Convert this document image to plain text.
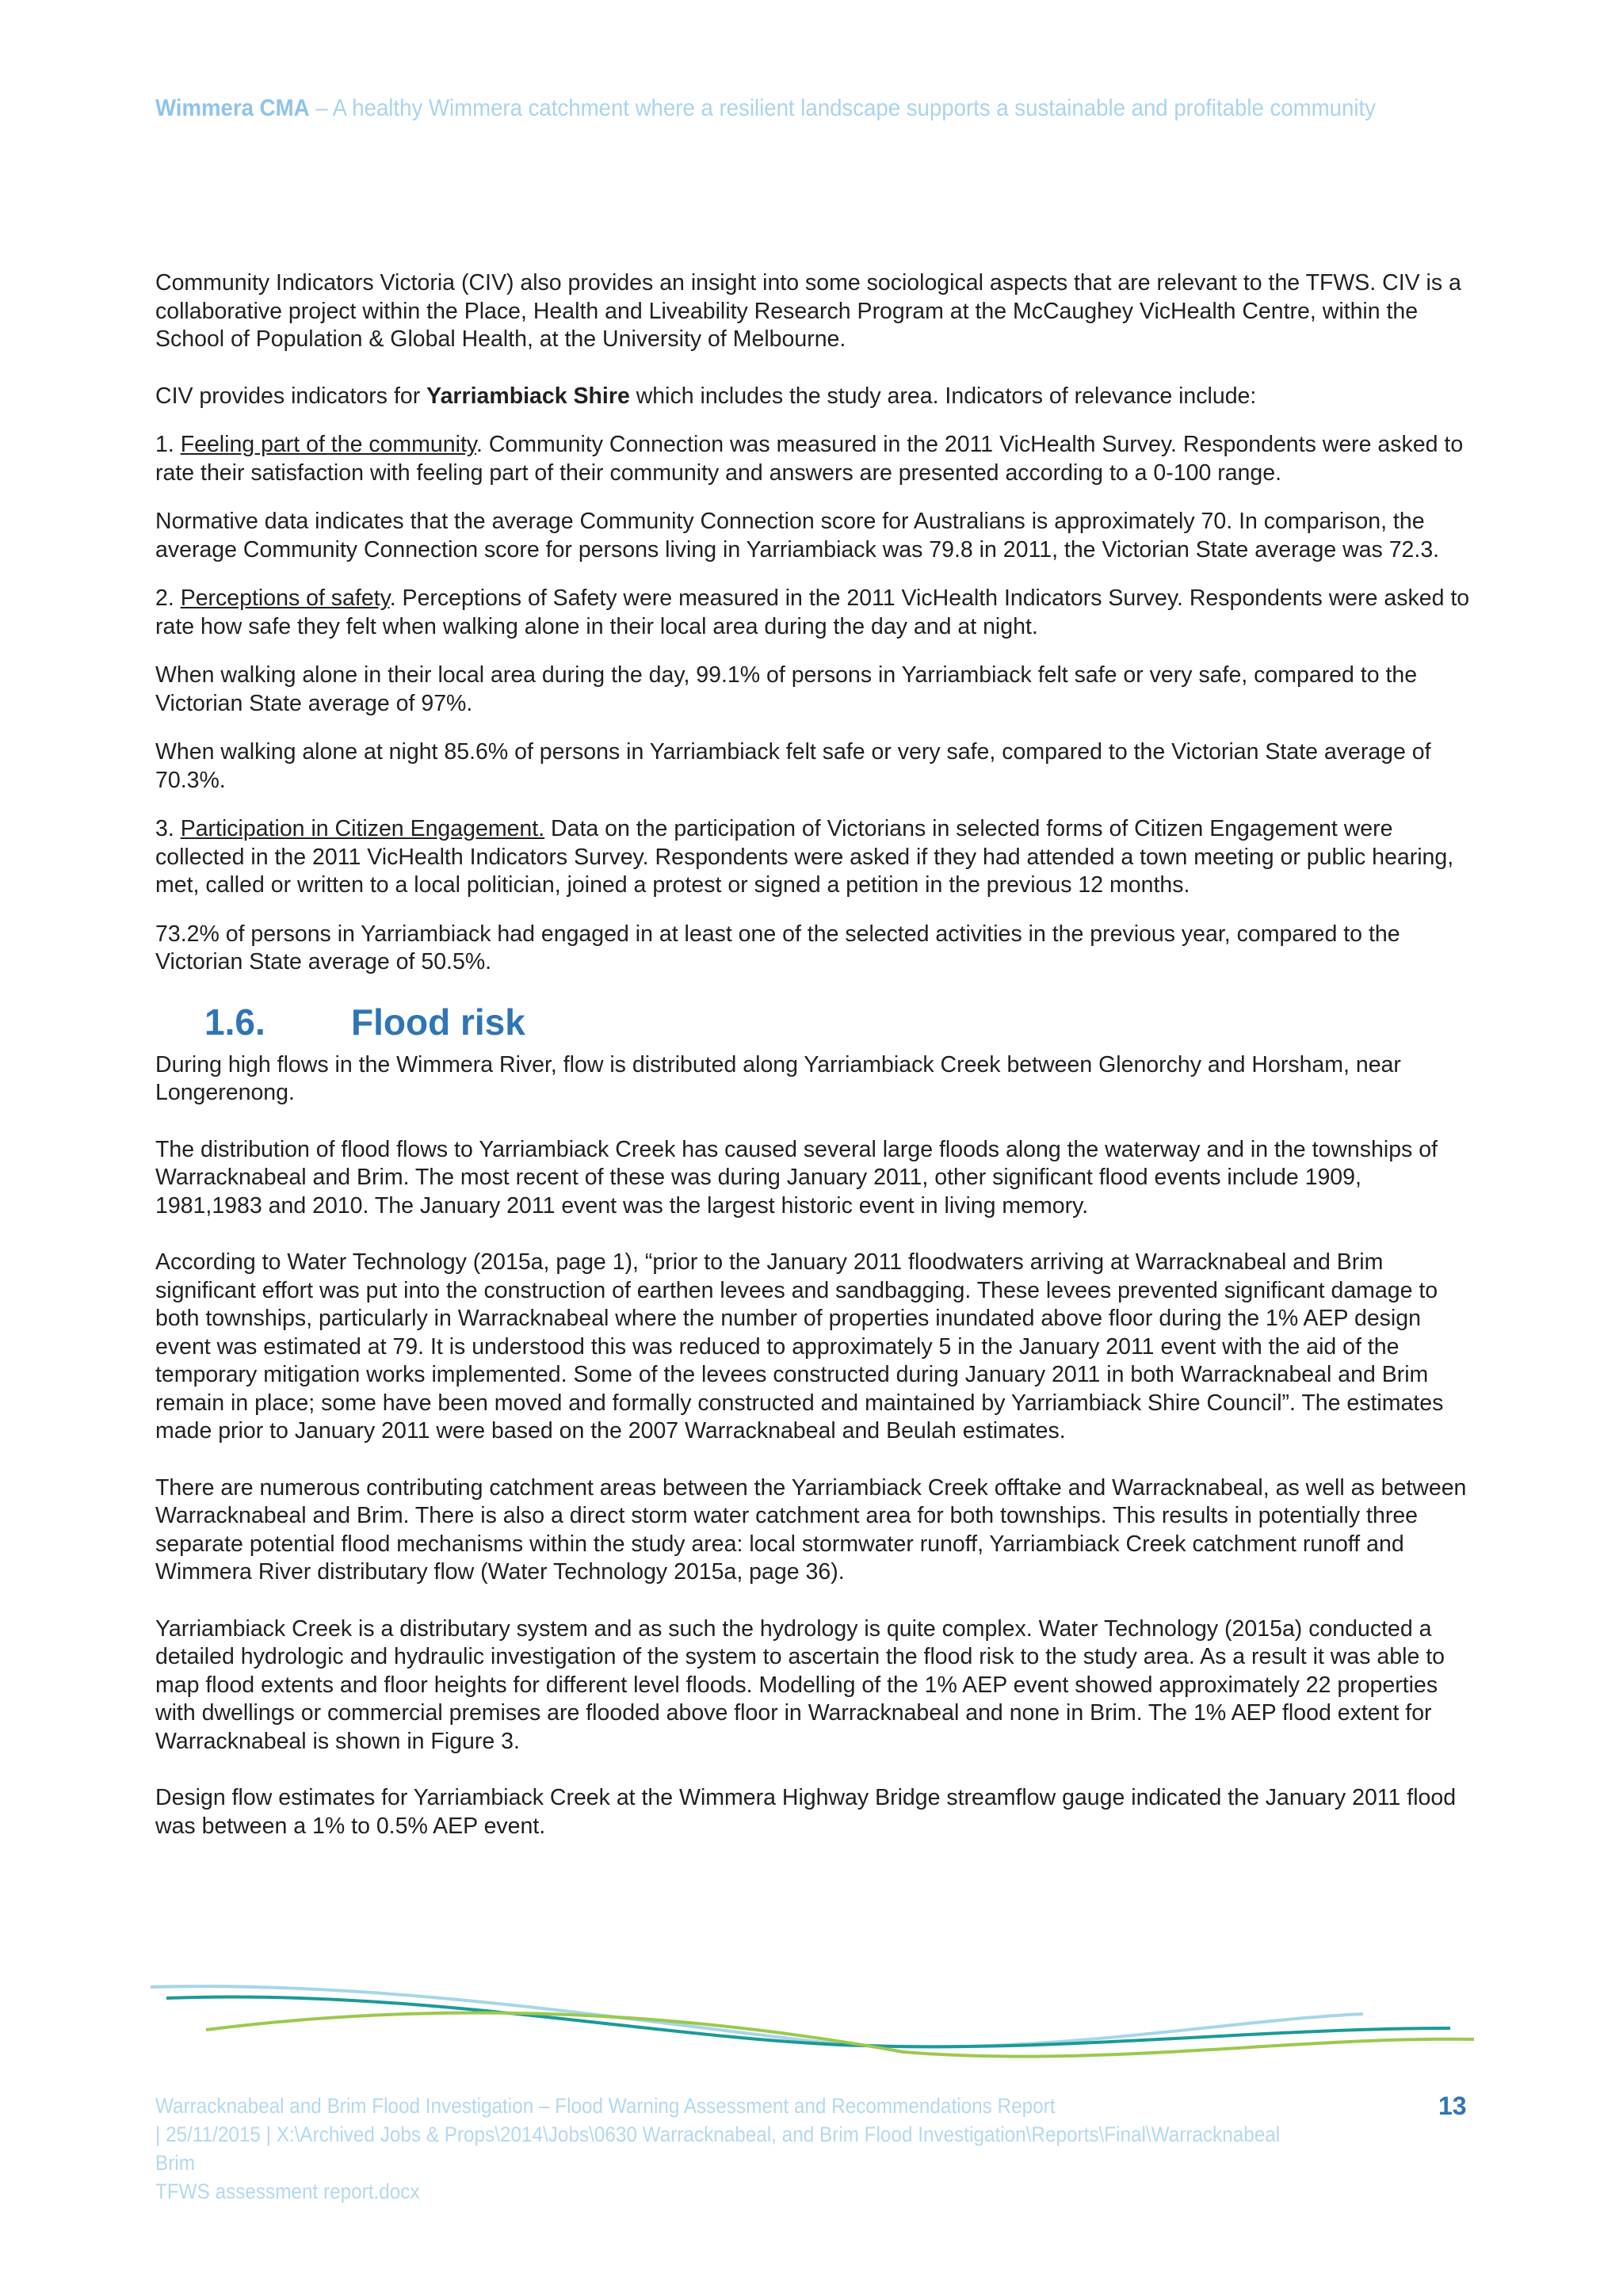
Wimmera CMA – A healthy Wimmera catchment where a resilient landscape supports a sustainable and profitable community

Community Indicators Victoria (CIV) also provides an insight into some sociological aspects that are relevant to the TFWS. CIV is a collaborative project within the Place, Health and Liveability Research Program at the McCaughey VicHealth Centre, within the School of Population & Global Health, at the University of Melbourne.

CIV provides indicators for Yarriambiack Shire which includes the study area. Indicators of relevance include:

1. Feeling part of the community. Community Connection was measured in the 2011 VicHealth Survey. Respondents were asked to rate their satisfaction with feeling part of their community and answers are presented according to a 0-100 range.

Normative data indicates that the average Community Connection score for Australians is approximately 70. In comparison, the average Community Connection score for persons living in Yarriambiack was 79.8 in 2011, the Victorian State average was 72.3.

2. Perceptions of safety. Perceptions of Safety were measured in the 2011 VicHealth Indicators Survey. Respondents were asked to rate how safe they felt when walking alone in their local area during the day and at night.

When walking alone in their local area during the day, 99.1% of persons in Yarriambiack felt safe or very safe, compared to the Victorian State average of 97%.

When walking alone at night 85.6% of persons in Yarriambiack felt safe or very safe, compared to the Victorian State average of 70.3%.

3. Participation in Citizen Engagement. Data on the participation of Victorians in selected forms of Citizen Engagement were collected in the 2011 VicHealth Indicators Survey. Respondents were asked if they had attended a town meeting or public hearing, met, called or written to a local politician, joined a protest or signed a petition in the previous 12 months.

73.2% of persons in Yarriambiack had engaged in at least one of the selected activities in the previous year, compared to the Victorian State average of 50.5%.

1.6. Flood risk

During high flows in the Wimmera River, flow is distributed along Yarriambiack Creek between Glenorchy and Horsham, near Longerenong.

The distribution of flood flows to Yarriambiack Creek has caused several large floods along the waterway and in the townships of Warracknabeal and Brim. The most recent of these was during January 2011, other significant flood events include 1909, 1981,1983 and 2010. The January 2011 event was the largest historic event in living memory.

According to Water Technology (2015a, page 1), “prior to the January 2011 floodwaters arriving at Warracknabeal and Brim significant effort was put into the construction of earthen levees and sandbagging. These levees prevented significant damage to both townships, particularly in Warracknabeal where the number of properties inundated above floor during the 1% AEP design event was estimated at 79. It is understood this was reduced to approximately 5 in the January 2011 event with the aid of the temporary mitigation works implemented. Some of the levees constructed during January 2011 in both Warracknabeal and Brim remain in place; some have been moved and formally constructed and maintained by Yarriambiack Shire Council”. The estimates made prior to January 2011 were based on the 2007 Warracknabeal and Beulah estimates.

There are numerous contributing catchment areas between the Yarriambiack Creek offtake and Warracknabeal, as well as between Warracknabeal and Brim. There is also a direct storm water catchment area for both townships. This results in potentially three separate potential flood mechanisms within the study area: local stormwater runoff, Yarriambiack Creek catchment runoff and Wimmera River distributary flow (Water Technology 2015a, page 36).

Yarriambiack Creek is a distributary system and as such the hydrology is quite complex. Water Technology (2015a) conducted a detailed hydrologic and hydraulic investigation of the system to ascertain the flood risk to the study area. As a result it was able to map flood extents and floor heights for different level floods. Modelling of the 1% AEP event showed approximately 22 properties with dwellings or commercial premises are flooded above floor in Warracknabeal and none in Brim. The 1% AEP flood extent for Warracknabeal is shown in Figure 3.

Design flow estimates for Yarriambiack Creek at the Wimmera Highway Bridge streamflow gauge indicated the January 2011 flood was between a 1% to 0.5% AEP event.

Warracknabeal and Brim Flood Investigation – Flood Warning Assessment and Recommendations Report
| 25/11/2015 | X:\Archived Jobs & Props\2014\Jobs\0630 Warracknabeal, and Brim Flood Investigation\Reports\Final\Warracknabeal Brim
TFWS assessment report.docx
13
